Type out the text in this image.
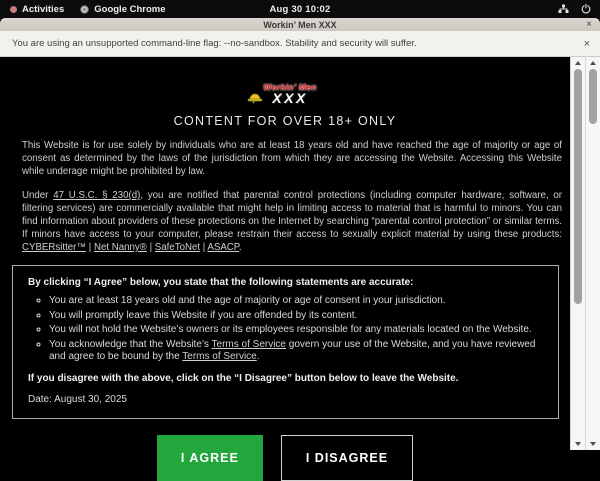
Activities	Google Chrome	Aug 30 10:02
Workin’ Men XXX	×
You are using an unsupported command-line flag: --no-sandbox. Stability and security will suffer.	×
Workin’ Men
XXX
CONTENT FOR OVER 18+ ONLY

This Website is for use solely by individuals who are at least 18 years old and have reached the age of majority or age of consent as determined by the laws of the jurisdiction from which they are accessing the Website. Accessing this Website while underage might be prohibited by law.

Under 47 U.S.C. § 230(d), you are notified that parental control protections (including computer hardware, software, or filtering services) are commercially available that might help in limiting access to material that is harmful to minors. You can find information about providers of these protections on the Internet by searching “parental control protection” or similar terms. If minors have access to your computer, please restrain their access to sexually explicit material by using these products: CYBERsitter™ | Net Nanny® | SafeToNet | ASACP.

By clicking “I Agree” below, you state that the following statements are accurate:
◦ You are at least 18 years old and the age of majority or age of consent in your jurisdiction.
◦ You will promptly leave this Website if you are offended by its content.
◦ You will not hold the Website’s owners or its employees responsible for any materials located on the Website.
◦ You acknowledge that the Website’s Terms of Service govern your use of the Website, and you have reviewed and agree to be bound by the Terms of Service.
If you disagree with the above, click on the “I Disagree” button below to leave the Website.
Date: August 30, 2025
I AGREE	I DISAGREE
